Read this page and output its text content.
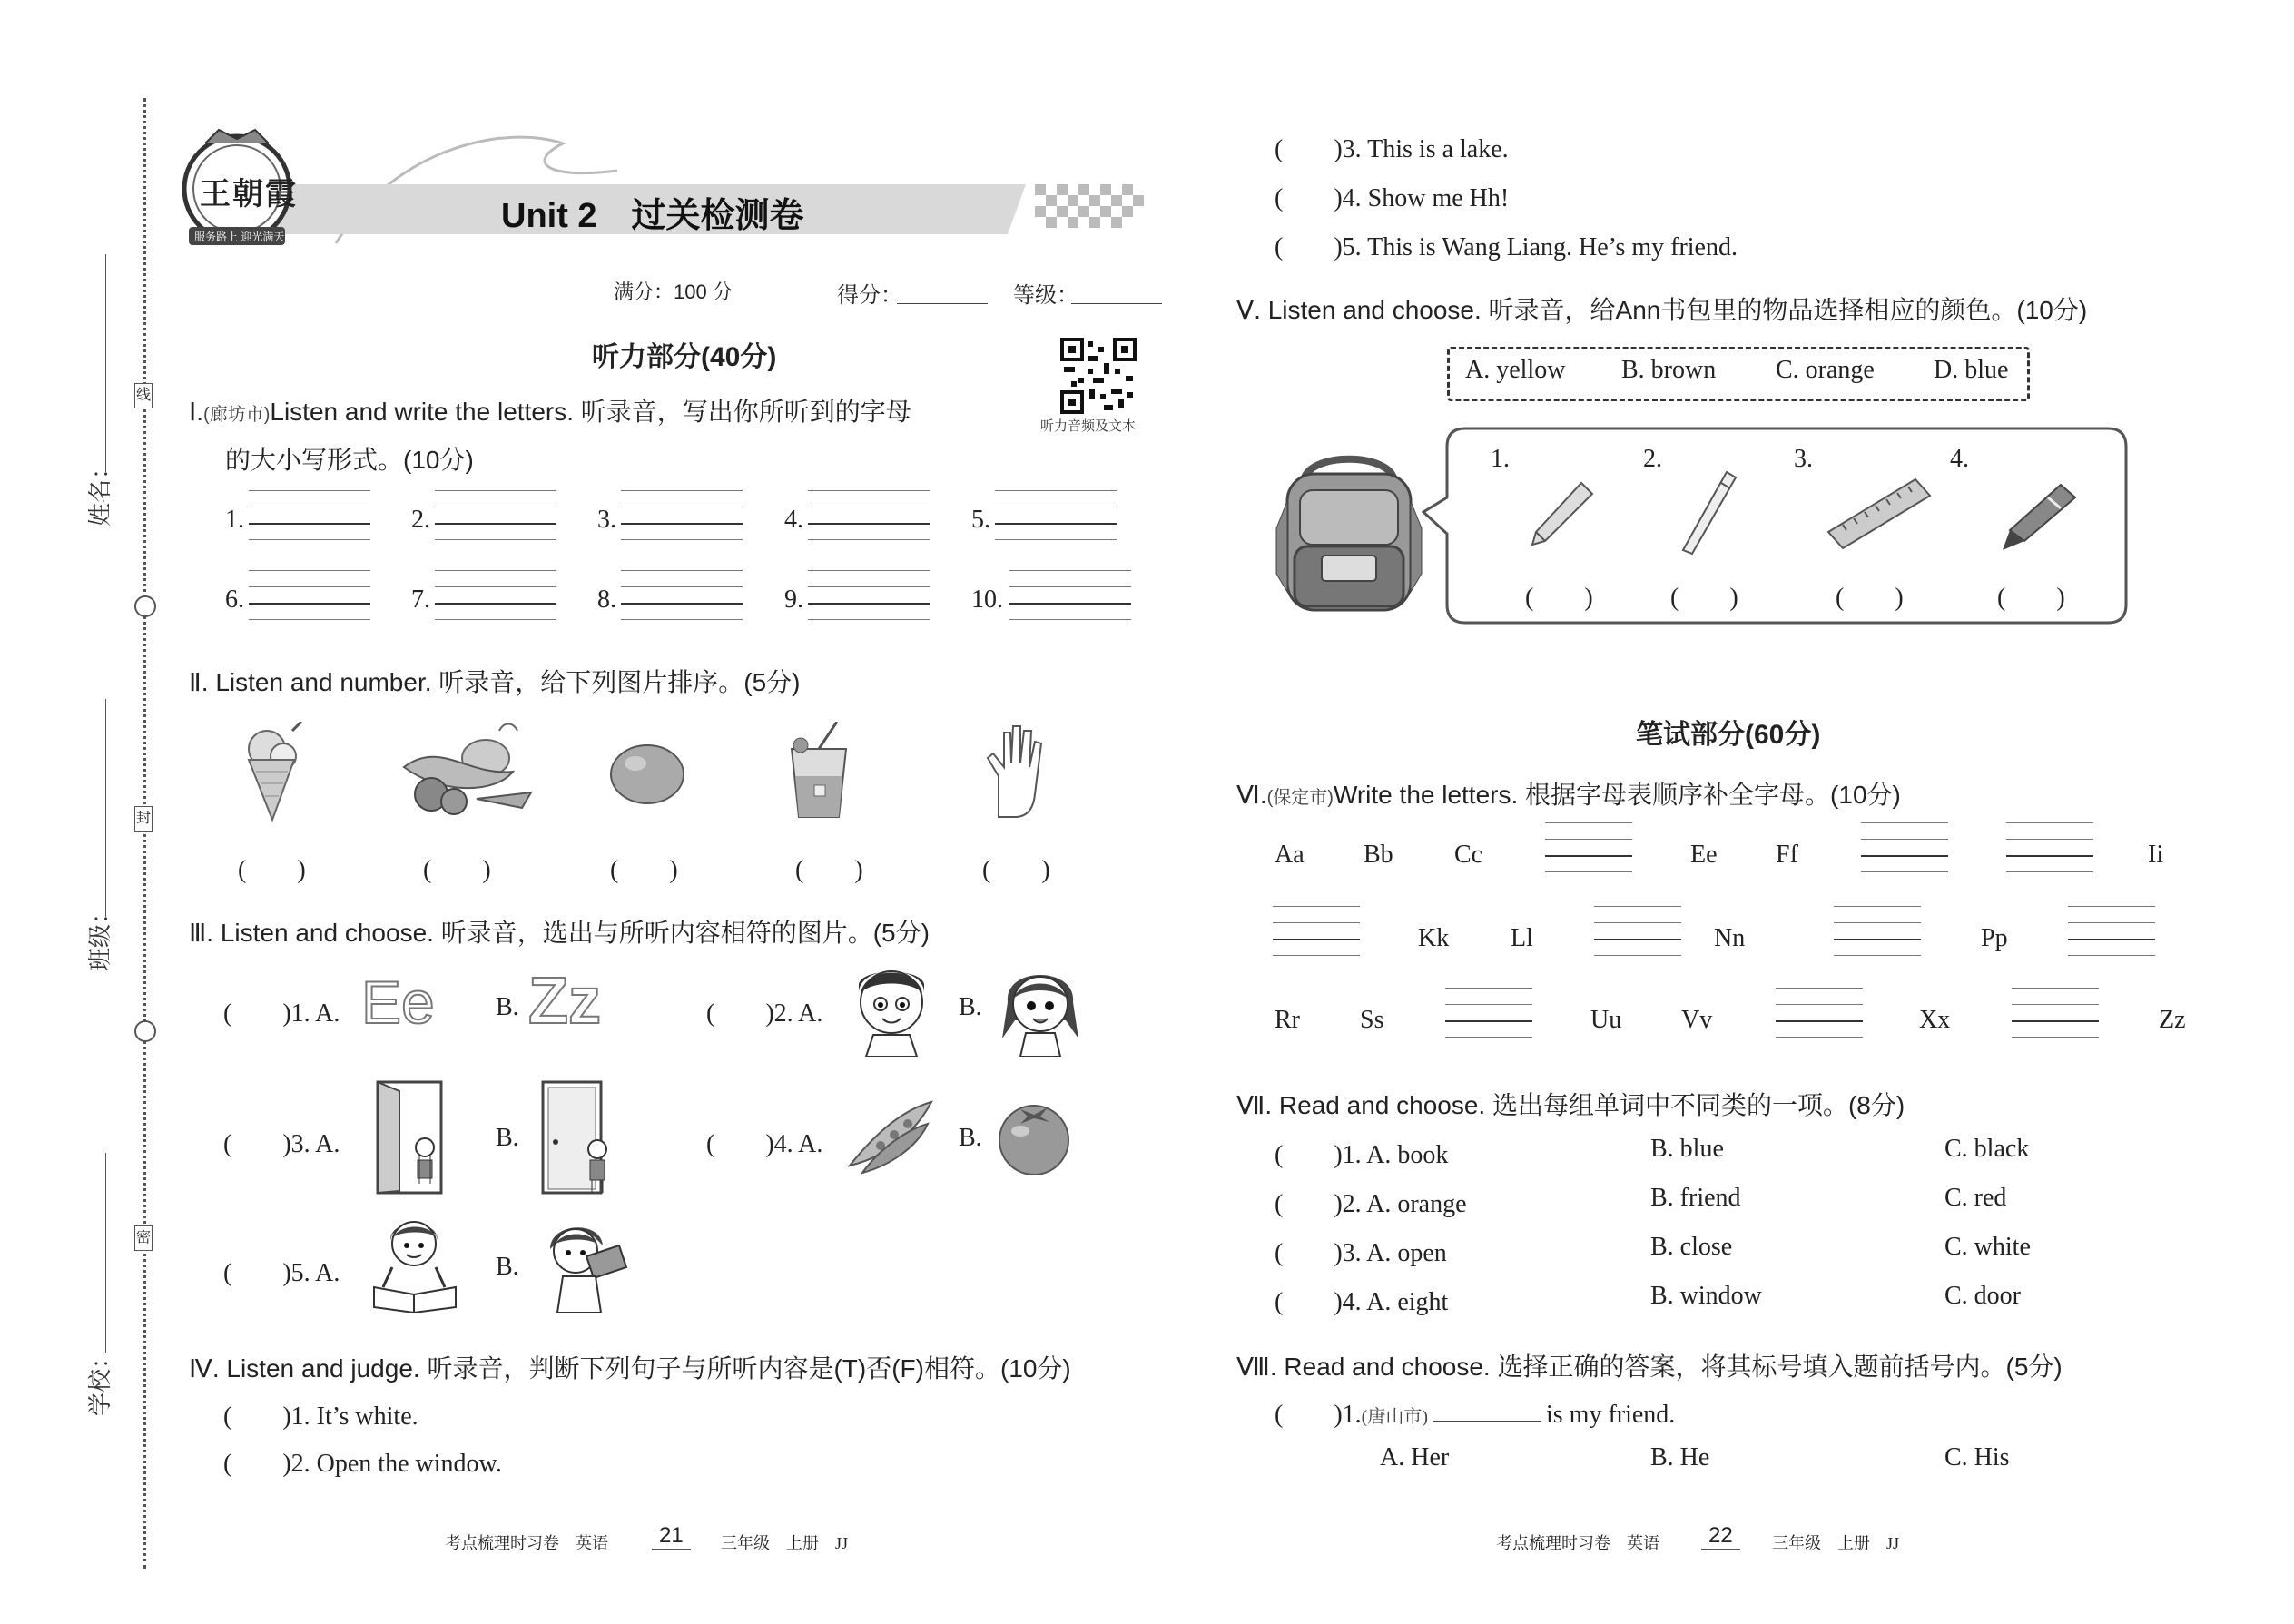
线
封
密
姓名：
班级：
学校：
王朝霞
服务路上 迎光满天
Unit 2　过关检测卷
满分：100 分	得分：	等级：
听力部分(40分)
听力音频及文本
Ⅰ.(廊坊市)Listen and write the letters. 听录音，写出你所听到的字母
的大小写形式。(10分)
1.	2.	3.	4.	5.
6.	7.	8.	9.	10.
Ⅱ. Listen and number. 听录音，给下列图片排序。(5分)
(　　)	(　　)	(　　)	(　　)	(　　)
Ⅲ. Listen and choose. 听录音，选出与所听内容相符的图片。(5分)
(　　)1. A. Ee B. Zz	(　　)2. A.	B.
(　　)3. A.	B.	(　　)4. A.	B.
(　　)5. A.	B.
Ⅳ. Listen and judge. 听录音，判断下列句子与所听内容是(T)否(F)相符。(10分)
(　　)1. It’s white.
(　　)2. Open the window.
考点梳理时习卷　英语	21	三年级　上册　JJ
(　　)3. This is a lake.
(　　)4. Show me Hh!
(　　)5. This is Wang Liang. He’s my friend.
Ⅴ. Listen and choose. 听录音，给Ann书包里的物品选择相应的颜色。(10分)
A. yellow B. brown C. orange D. blue
1.	2.	3.	4.
(　　)	(　　)	(　　)	(　　)
笔试部分(60分)
Ⅵ.(保定市)Write the letters. 根据字母表顺序补全字母。(10分)
Aa Bb Cc	Ee Ff	Ii
Kk Ll	Nn	Pp
Rr Ss	Uu Vv	Xx	Zz
Ⅶ. Read and choose. 选出每组单词中不同类的一项。(8分)
(　　)1. A. book	B. blue	C. black
(　　)2. A. orange	B. friend	C. red
(　　)3. A. open	B. close	C. white
(　　)4. A. eight	B. window	C. door
Ⅷ. Read and choose. 选择正确的答案，将其标号填入题前括号内。(5分)
(　　)1.(唐山市)	is my friend.
A. Her	B. He	C. His
考点梳理时习卷　英语	22	三年级　上册　JJ
